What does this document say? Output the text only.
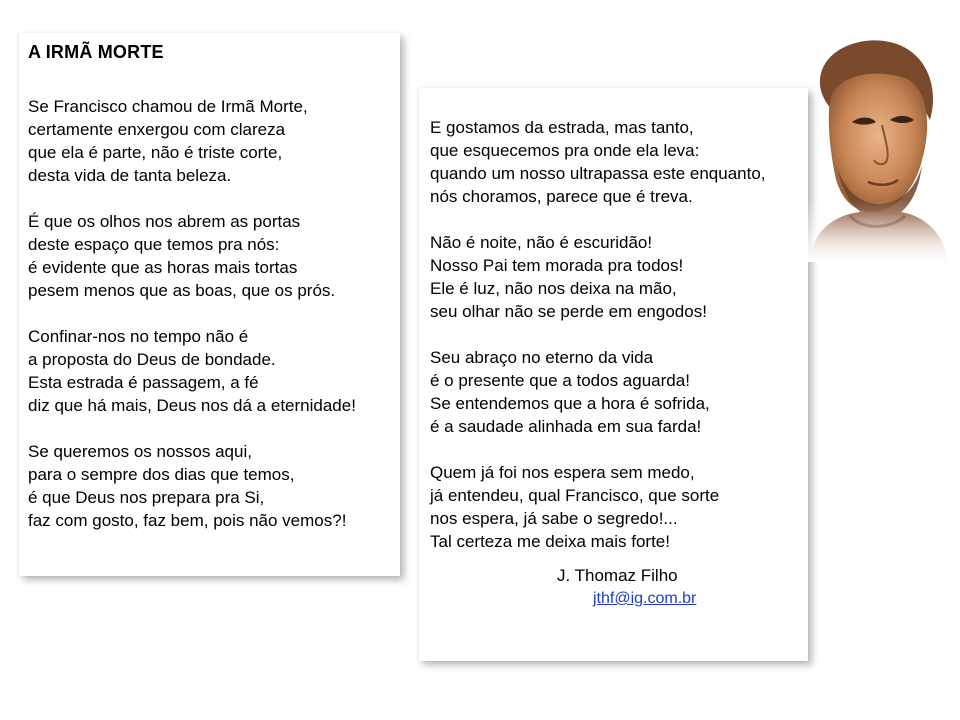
A IRMÃ MORTE
Se Francisco chamou de Irmã Morte,
certamente enxergou com clareza
que ela é parte, não é triste corte,
desta vida de tanta beleza.
É que os olhos nos abrem as portas
deste espaço que temos pra nós:
é evidente que as horas mais tortas
pesem menos que as boas, que os prós.
Confinar-nos no tempo não é
a proposta do Deus de bondade.
Esta estrada é passagem, a fé
diz que há mais, Deus nos dá a eternidade!
Se queremos os nossos aqui,
para o sempre dos dias que temos,
é que Deus nos prepara pra Si,
faz com gosto, faz bem, pois não vemos?!
E gostamos da estrada, mas tanto,
que esquecemos pra onde ela leva:
quando um nosso ultrapassa este enquanto,
nós choramos, parece que é treva.
Não é noite, não é escuridão!
Nosso Pai tem morada pra todos!
Ele é luz, não nos deixa na mão,
seu olhar não se perde em engodos!
Seu abraço no eterno da vida
é o presente que a todos aguarda!
Se entendemos que a hora é sofrida,
é a saudade alinhada em sua farda!
Quem já foi nos espera sem medo,
já entendeu, qual Francisco, que sorte
nos espera, já sabe o segredo!...
Tal certeza me deixa mais forte!
J. Thomaz Filho
jthf@ig.com.br
